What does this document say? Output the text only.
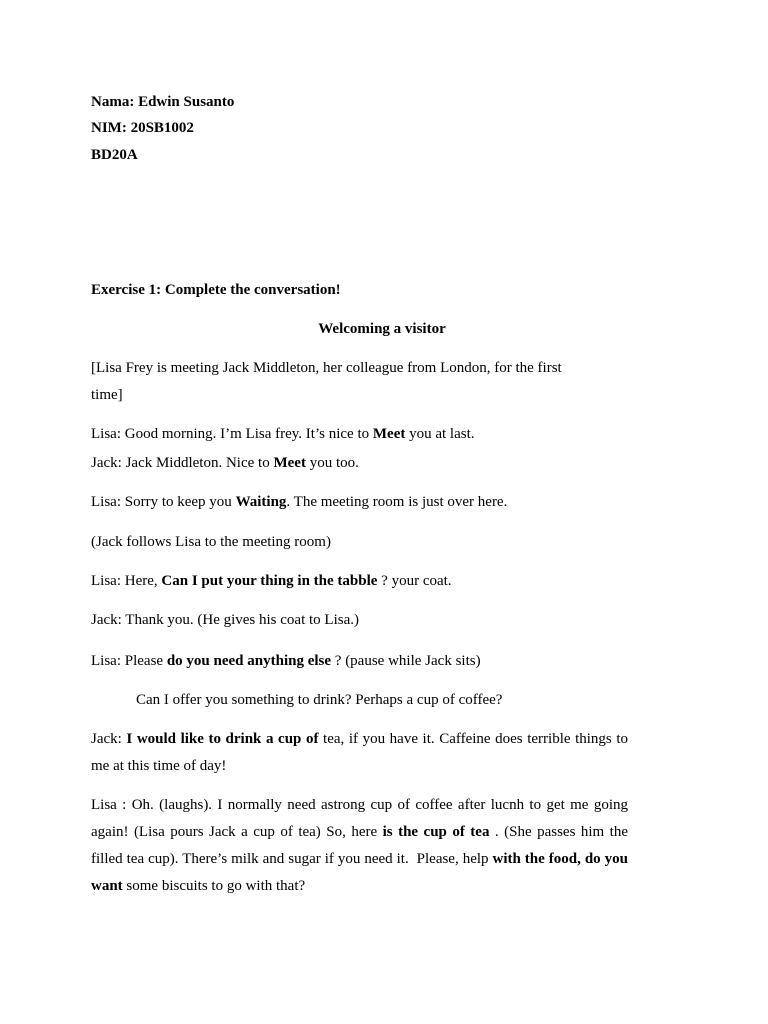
Nama: Edwin Susanto
NIM: 20SB1002
BD20A
Exercise 1: Complete the conversation!
Welcoming a visitor
[Lisa Frey is meeting Jack Middleton, her colleague from London, for the first
time]
Lisa: Good morning. I’m Lisa frey. It’s nice to Meet you at last.
Jack: Jack Middleton. Nice to Meet you too.
Lisa: Sorry to keep you Waiting. The meeting room is just over here.
(Jack follows Lisa to the meeting room)
Lisa: Here, Can I put your thing in the tabble ? your coat.
Jack: Thank you. (He gives his coat to Lisa.)
Lisa: Please do you need anything else ? (pause while Jack sits)
Can I offer you something to drink? Perhaps a cup of coffee?
Jack: I would like to drink a cup of tea, if you have it. Caffeine does terrible things to me at this time of day!
Lisa : Oh. (laughs). I normally need astrong cup of coffee after lucnh to get me going again! (Lisa pours Jack a cup of tea) So, here is the cup of tea . (She passes him the filled tea cup). There’s milk and sugar if you need it.  Please, help with the food, do you want some biscuits to go with that?
